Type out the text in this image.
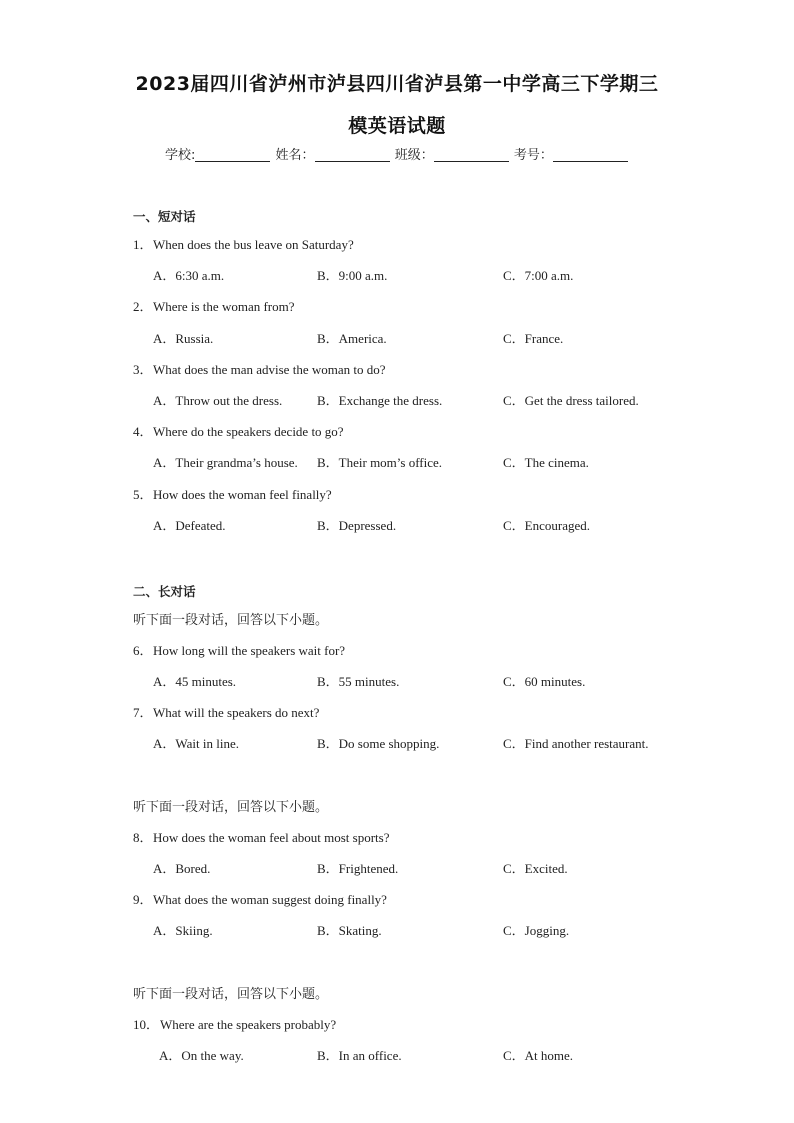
2023届四川省泸州市泸县四川省泸县第一中学高三下学期三
模英语试题
学校:	姓名：	班级：	考号：
一、短对话
1．When does the bus leave on Saturday?
A．6:30 a.m.	B．9:00 a.m.	C．7:00 a.m.
2．Where is the woman from?
A．Russia.	B．America.	C．France.
3．What does the man advise the woman to do?
A．Throw out the dress.	B．Exchange the dress.	C．Get the dress tailored.
4．Where do the speakers decide to go?
A．Their grandma’s house. B．Their mom’s office.	C．The cinema.
5．How does the woman feel finally?
A．Defeated.	B．Depressed.	C．Encouraged.
二、长对话
听下面一段对话，回答以下小题。
6．How long will the speakers wait for?
A．45 minutes.	B．55 minutes.	C．60 minutes.
7．What will the speakers do next?
A．Wait in line.	B．Do some shopping.	C．Find another restaurant.
听下面一段对话，回答以下小题。
8．How does the woman feel about most sports?
A．Bored.	B．Frightened.	C．Excited.
9．What does the woman suggest doing finally?
A．Skiing.	B．Skating.	C．Jogging.
听下面一段对话，回答以下小题。
10．Where are the speakers probably?
A．On the way.	B．In an office.	C．At home.
